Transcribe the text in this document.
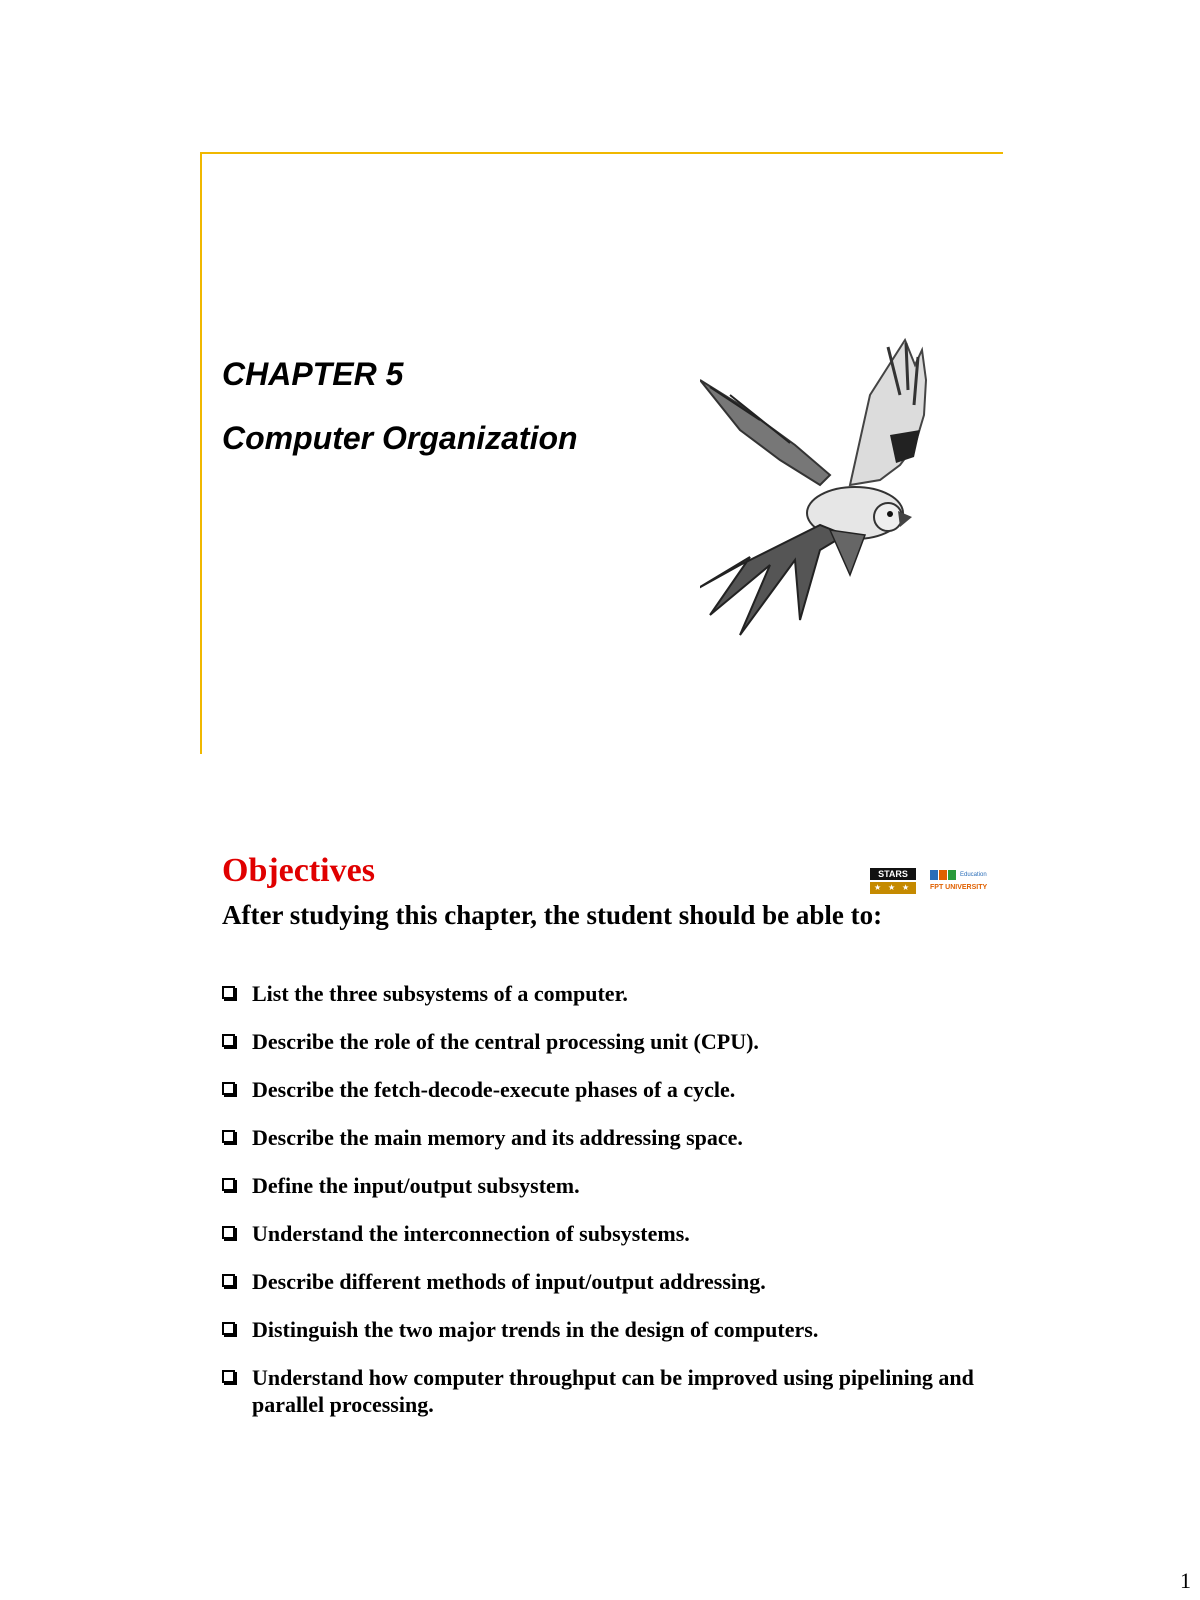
CHAPTER 5
Computer Organization
Objectives	STARS
★ ★ ★
Education
FPT UNIVERSITY

After studying this chapter, the student should be able to:

List the three subsystems of a computer.
Describe the role of the central processing unit (CPU).
Describe the fetch-decode-execute phases of a cycle.
Describe the main memory and its addressing space.
Define the input/output subsystem.
Understand the interconnection of subsystems.
Describe different methods of input/output addressing.
Distinguish the two major trends in the design of computers.
Understand how computer throughput can be improved using pipelining and parallel processing.

1
